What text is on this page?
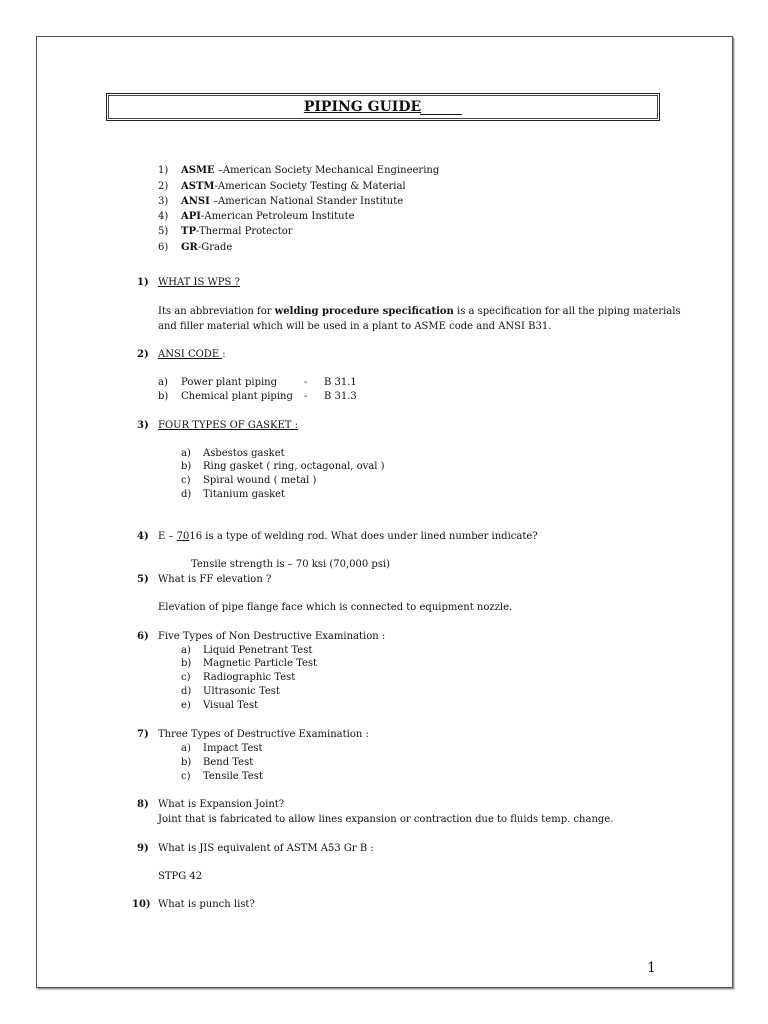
PIPING GUIDE
1) ASME –American Society Mechanical Engineering
2) ASTM-American Society Testing & Material
3) ANSI –American National Stander Institute
4) API-American Petroleum Institute
5) TP-Thermal Protector
6) GR-Grade
1) WHAT IS WPS ?
Its an abbreviation for welding procedure specification is a specification for all the piping materials
and filler material which will be used in a plant to ASME code and ANSI B31.
2) ANSI CODE :
a) Power plant piping	- B 31.1
b) Chemical plant piping - B 31.3
3) FOUR TYPES OF GASKET :
a) Asbestos gasket
b) Ring gasket ( ring, octagonal, oval )
c) Spiral wound ( metal )
d) Titanium gasket
4) E – 7016 is a type of welding rod. What does under lined number indicate?
Tensile strength is – 70 ksi (70,000 psi)
5) What is FF elevation ?
Elevation of pipe flange face which is connected to equipment nozzle.
6) Five Types of Non Destructive Examination :
a) Liquid Penetrant Test
b) Magnetic Particle Test
c) Radiographic Test
d) Ultrasonic Test
e) Visual Test
7) Three Types of Destructive Examination :
a) Impact Test
b) Bend Test
c) Tensile Test
8) What is Expansion Joint?
Joint that is fabricated to allow lines expansion or contraction due to fluids temp. change.
9) What is JIS equivalent of ASTM A53 Gr B :
STPG 42
10) What is punch list?
1
